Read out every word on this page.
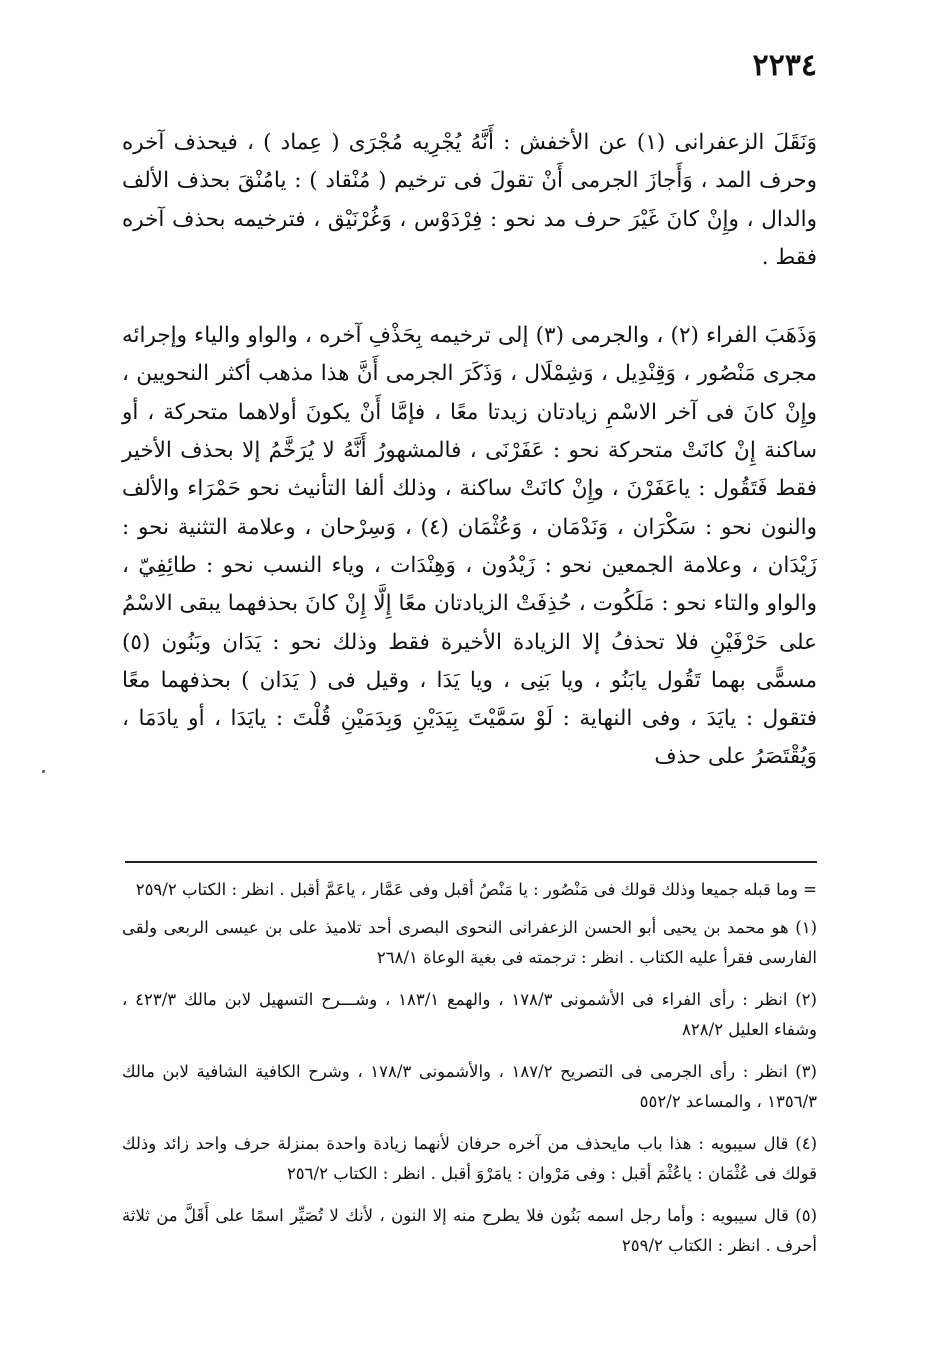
٢٢٣٤

وَنَقَلَ الزعفرانى (١) عن الأخفش : أَنَّهُ يُجْرِيه مُجْرَى ( عِماد ) ، فيحذف آخره وحرف المد ، وَأَجازَ الجرمى أَنْ تقولَ فى ترخيم ( مُنْقاد ) : يامُنْقَ بحذف الألف والدال ، وإِنْ كانَ غَيْرَ حرف مد نحو : فِرْدَوْس ، وَغُرْنَيْق ، فترخيمه بحذف آخره فقط .

وَذَهَبَ الفراء (٢) ، والجرمى (٣) إلى ترخيمه بِحَذْفِ آخره ، والواو والياء وإجرائه مجرى مَنْصُور ، وَقِنْدِيل ، وَشِمْلَال ، وَذَكَرَ الجرمى أَنَّ هذا مذهب أكثر النحويين ، وإِنْ كانَ فى آخر الاسْمِ زيادتان زيدتا معًا ، فإمَّا أَنْ يكونَ أولاهما متحركة ، أو ساكنة إِنْ كانَتْ متحركة نحو : عَفَرْنَى ، فالمشهورُ أَنَّهُ لا يُرَخَّمُ إلا بحذف الأخير فقط فَتَقُول : ياعَفَرْنَ ، وإِنْ كانَتْ ساكنة ، وذلك ألفا التأنيث نحو حَمْرَاء والألف والنون نحو : سَكْرَان ، وَنَدْمَان ، وَعُثْمَان (٤) ، وَسِرْحان ، وعلامة التثنية نحو : زَيْدَان ، وعلامة الجمعين نحو : زَيْدُون ، وَهِنْدَات ، وياء النسب نحو : طائِفِيّ ، والواو والتاء نحو : مَلَكُوت ، حُذِفَتْ الزيادتان معًا إِلَّا إِنْ كانَ بحذفهما يبقى الاسْمُ على حَرْفَيْنِ فلا تحذفُ إلا الزيادة الأخيرة فقط وذلك نحو : يَدَان وبَنُون (٥) مسمًّى بهما تَقُول يابَنُو ، ويا بَنِى ، ويا يَدَا ، وقيل فى ( يَدَان ) بحذفهما معًا فتقول : يايَدَ ، وفى النهاية : لَوْ سَمَّيْتَ بِيَدَيْنِ وَبِدَمَيْنِ قُلْتَ : يايَدَا ، أو يادَمَا ، وَيُقْتَصَرُ على حذف

= وما قبله جميعا وذلك قولك فى مَنْصُور : يا مَنْصُ أقبل وفى عَمَّار ، ياعَمَّ أقبل . انظر : الكتاب ٢٥٩/٢

(١) هو محمد بن يحيى أبو الحسن الزعفرانى النحوى البصرى أحد تلاميذ على بن عيسى الربعى ولقى الفارسى فقرأ عليه الكتاب . انظر : ترجمته فى بغية الوعاة ٢٦٨/١

(٢) انظر : رأى الفراء فى الأشمونى ١٧٨/٣ ، والهمع ١٨٣/١ ، وشـــرح التسهيل لابن مالك ٤٢٣/٣ ، وشفاء العليل ٨٢٨/٢

(٣) انظر : رأى الجرمى فى التصريح ١٨٧/٢ ، والأشمونى ١٧٨/٣ ، وشرح الكافية الشافية لابن مالك ١٣٥٦/٣ ، والمساعد ٥٥٢/٢

(٤) قال سيبويه : هذا باب مايحذف من آخره حرفان لأنهما زيادة واحدة بمنزلة حرف واحد زائد وذلك قولك فى عُثْمَان : ياعُثْمَ أقبل : وفى مَرْوان : يامَرْوَ أقبل . انظر : الكتاب ٢٥٦/٢

(٥) قال سيبويه : وأما رجل اسمه بَنُون فلا يطرح منه إلا النون ، لأنك لا تُصَيِّر اسمًا على أَقَلَّ من ثلاثة أحرف . انظر : الكتاب ٢٥٩/٢
